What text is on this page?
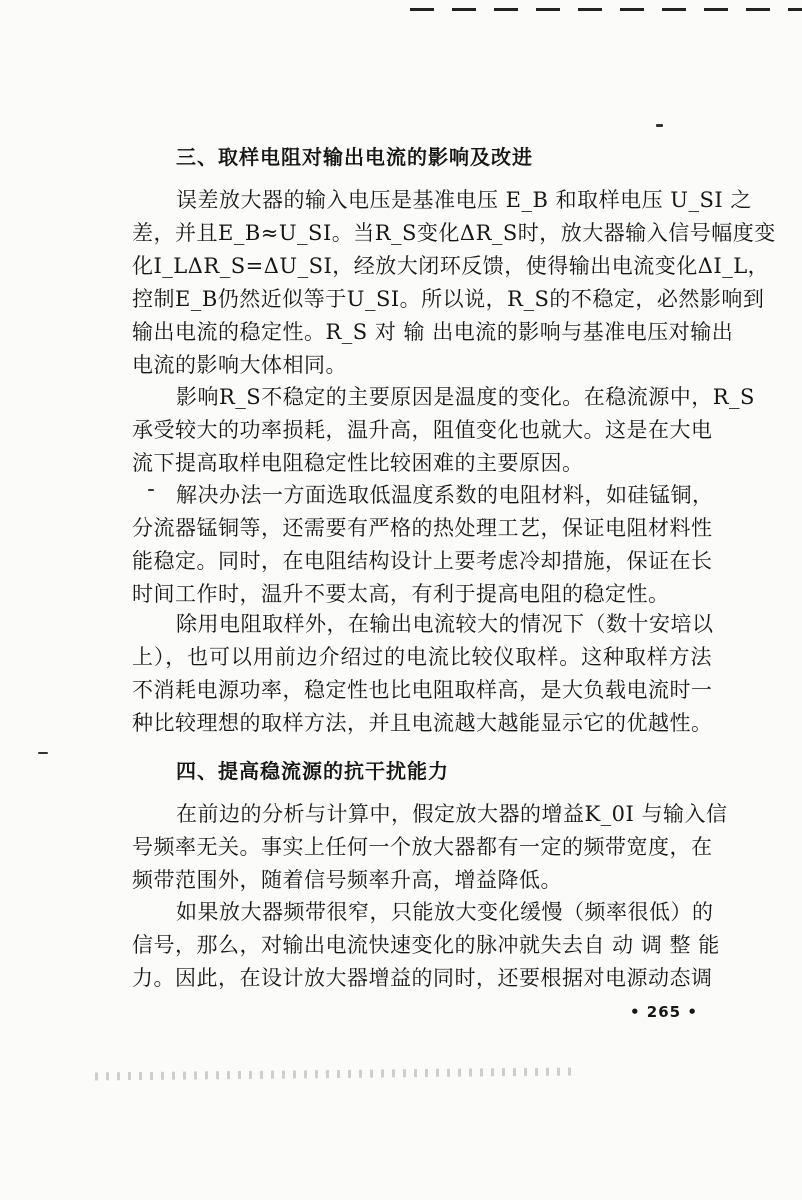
三、取样电阻对输出电流的影响及改进
误差放大器的输入电压是基准电压 E_B 和取样电压 U_SI 之
差，并且E_B≈U_SI。当R_S变化ΔR_S时，放大器输入信号幅度变
化I_LΔR_S=ΔU_SI，经放大闭环反馈，使得输出电流变化ΔI_L，
控制E_B仍然近似等于U_SI。所以说，R_S的不稳定，必然影响到
输出电流的稳定性。R_S 对 输 出电流的影响与基准电压对输出
电流的影响大体相同。
影响R_S不稳定的主要原因是温度的变化。在稳流源中，R_S
承受较大的功率损耗，温升高，阻值变化也就大。这是在大电
流下提高取样电阻稳定性比较困难的主要原因。
解决办法一方面选取低温度系数的电阻材料，如硅锰铜，
分流器锰铜等，还需要有严格的热处理工艺，保证电阻材料性
能稳定。同时，在电阻结构设计上要考虑冷却措施，保证在长
时间工作时，温升不要太高，有利于提高电阻的稳定性。
除用电阻取样外，在输出电流较大的情况下（数十安培以
上），也可以用前边介绍过的电流比较仪取样。这种取样方法
不消耗电源功率，稳定性也比电阻取样高，是大负载电流时一
种比较理想的取样方法，并且电流越大越能显示它的优越性。
四、提高稳流源的抗干扰能力
在前边的分析与计算中，假定放大器的增益K_0I 与输入信
号频率无关。事实上任何一个放大器都有一定的频带宽度，在
频带范围外，随着信号频率升高，增益降低。
如果放大器频带很窄，只能放大变化缓慢（频率很低）的
信号，那么，对输出电流快速变化的脉冲就失去自 动 调 整 能
力。因此，在设计放大器增益的同时，还要根据对电源动态调
• 265 •
